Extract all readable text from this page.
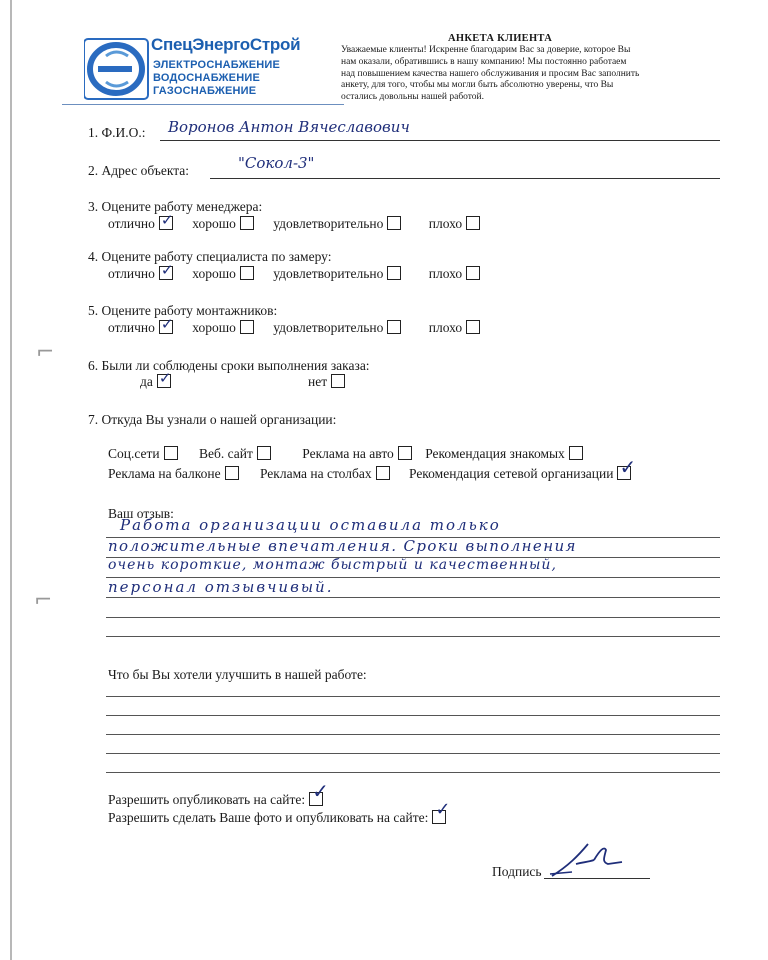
СпецЭнергоСтрой
ЭЛЕКТРОСНАБЖЕНИЕ
ВОДОСНАБЖЕНИЕ
ГАЗОСНАБЖЕНИЕ
АНКЕТА КЛИЕНТА
Уважаемые клиенты! Искренне благодарим Вас за доверие, которое Вы
нам оказали, обратившись в нашу компанию! Мы постоянно работаем
над повышением качества нашего обслуживания и просим Вас заполнить
анкету, для того, чтобы мы могли быть абсолютно уверены, что Вы
остались довольны нашей работой.
1. Ф.И.О.: Воронов Антон Вячеславович
2. Адрес объекта:	"Сокол-3"
3. Оцените работу менеджера:
отлично ✓ хорошо	удовлетворительно	плохо
4. Оцените работу специалиста по замеру:
отлично ✓ хорошо	удовлетворительно	плохо
5. Оцените работу монтажников:
отлично ✓ хорошо	удовлетворительно	плохо
6. Были ли соблюдены сроки выполнения заказа:
да ✓	нет
7. Откуда Вы узнали о нашей организации:
Соц.сети	Веб. сайт	Реклама на авто Рекомендация знакомых
Реклама на балконе	Реклама на столбах	Рекомендация сетевой организации ✓
Ваш отзыв:
Работа организации оставила только
положительные впечатления. Сроки выполнения
очень короткие, монтаж быстрый и качественный,
персонал отзывчивый.
Что бы Вы хотели улучшить в нашей работе:
Разрешить опубликовать на сайте: ✓
Разрешить сделать Ваше фото и опубликовать на сайте: ✓
Подпись
⌐
⌐
